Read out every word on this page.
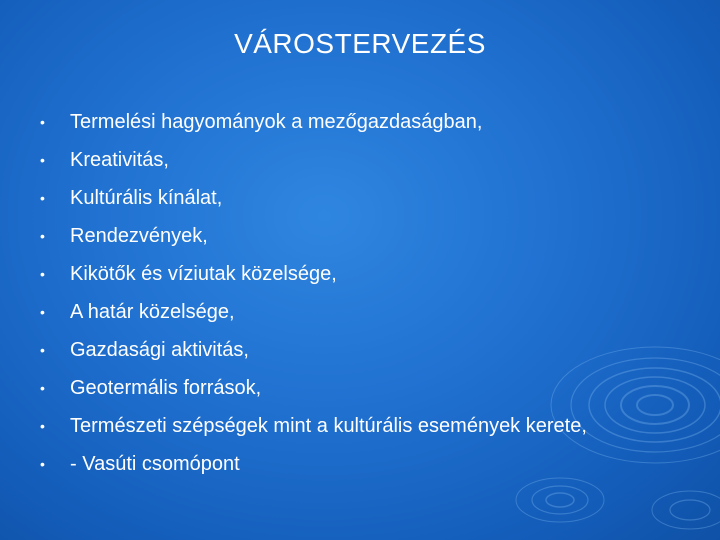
VÁROSTERVEZÉS
•	Termelési hagyományok a mezőgazdaságban,
•	Kreativitás,
•	Kultúrális kínálat,
•	Rendezvények,
•	Kikötők és víziutak közelsége,
•	A határ közelsége,
•	Gazdasági aktivitás,
•	Geotermális források,
•	Természeti szépségek mint a kultúrális események kerete,
•	- Vasúti csomópont
